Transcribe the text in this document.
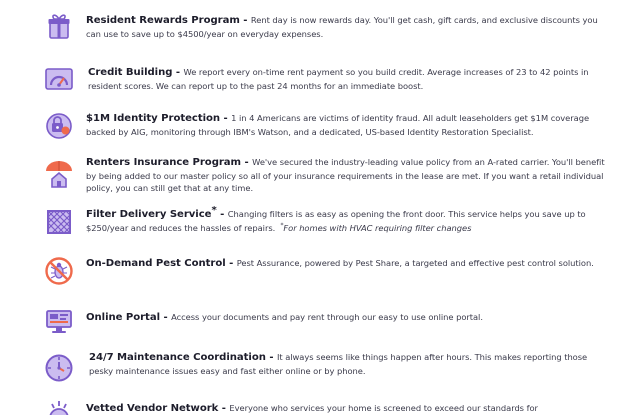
Resident Rewards Program - Rent day is now rewards day. You'll get cash, gift cards, and exclusive discounts you can use to save up to $4500/year on everyday expenses.
Credit Building - We report every on-time rent payment so you build credit. Average increases of 23 to 42 points in resident scores. We can report up to the past 24 months for an immediate boost.
$1M Identity Protection - 1 in 4 Americans are victims of identity fraud. All adult leaseholders get $1M coverage backed by AIG, monitoring through IBM's Watson, and a dedicated, US-based Identity Restoration Specialist.
Renters Insurance Program - We've secured the industry-leading value policy from an A-rated carrier. You'll benefit by being added to our master policy so all of your insurance requirements in the lease are met. If you want a retail individual policy, you can still get that at any time.
Filter Delivery Service* - Changing filters is as easy as opening the front door. This service helps you save up to $250/year and reduces the hassles of repairs. *For homes with HVAC requiring filter changes
On-Demand Pest Control - Pest Assurance, powered by Pest Share, a targeted and effective pest control solution.
Online Portal - Access your documents and pay rent through our easy to use online portal.
24/7 Maintenance Coordination - It always seems like things happen after hours. This makes reporting those pesky maintenance issues easy and fast either online or by phone.
Vetted Vendor Network - Everyone who services your home is screened to exceed our standards for
